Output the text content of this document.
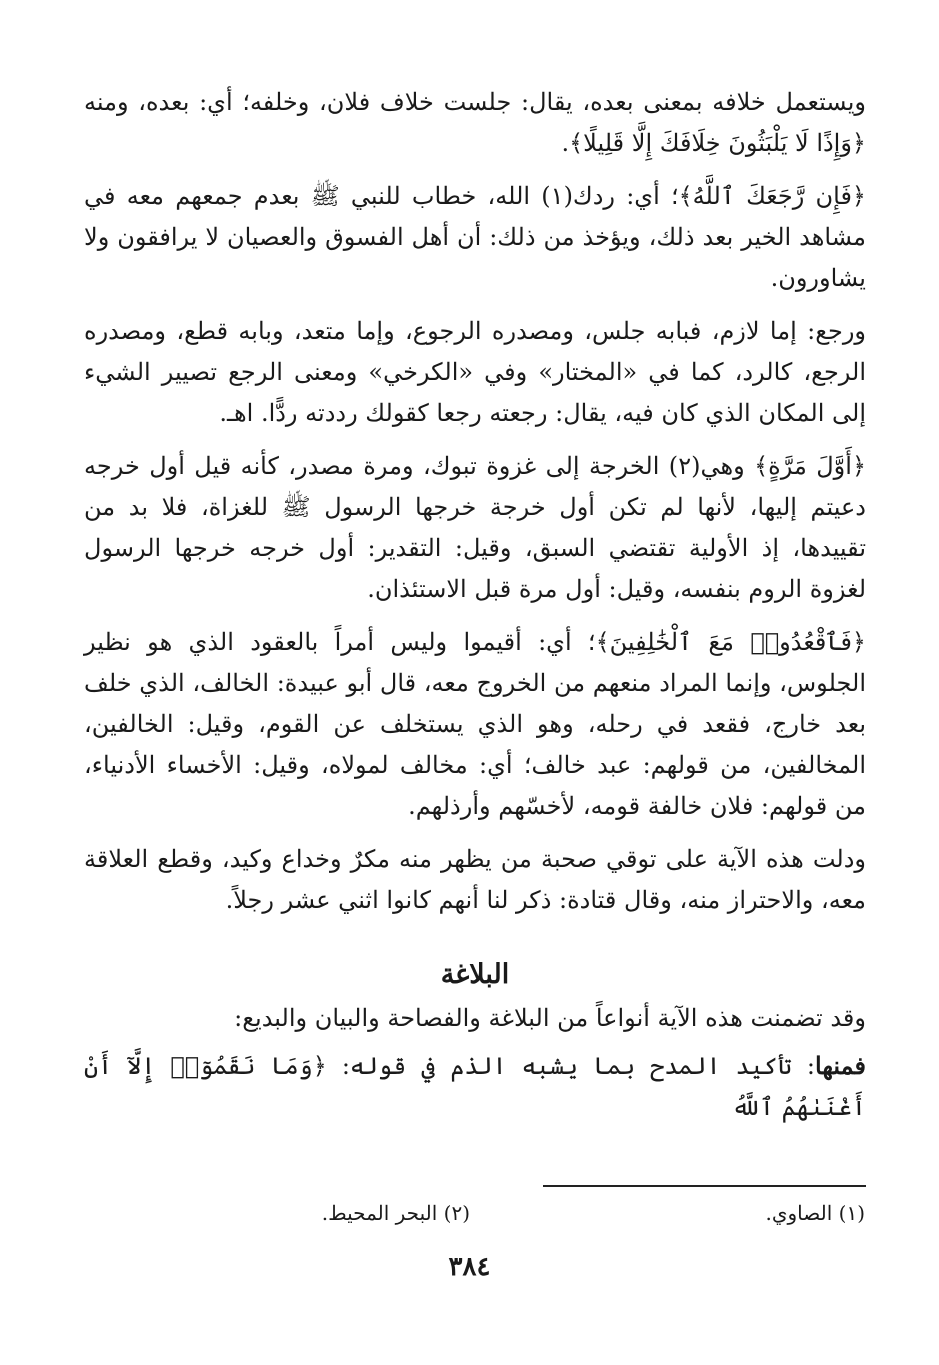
ويستعمل خلافه بمعنى بعده، يقال: جلست خلاف فلان، وخلفه؛ أي: بعده، ومنه ﴿وَإِذًا لَا يَلْبَثُونَ خِلَافَكَ إِلَّا قَلِيلًا﴾.

﴿فَإِن رَّجَعَكَ ٱللَّهُ﴾؛ أي: ردك(١) الله، خطاب للنبي ﷺ بعدم جمعهم معه في مشاهد الخير بعد ذلك، ويؤخذ من ذلك: أن أهل الفسوق والعصيان لا يرافقون ولا يشاورون.

ورجع: إما لازم، فبابه جلس، ومصدره الرجوع، وإما متعد، وبابه قطع، ومصدره الرجع، كالرد، كما في «المختار» وفي «الكرخي» ومعنى الرجع تصيير الشيء إلى المكان الذي كان فيه، يقال: رجعته رجعا كقولك رددته ردًّا. اهـ.

﴿أَوَّلَ مَرَّةٍ﴾ وهي(٢) الخرجة إلى غزوة تبوك، ومرة مصدر، كأنه قيل أول خرجه دعيتم إليها، لأنها لم تكن أول خرجة خرجها الرسول ﷺ للغزاة، فلا بد من تقييدها، إذ الأولية تقتضي السبق، وقيل: التقدير: أول خرجه خرجها الرسول لغزوة الروم بنفسه، وقيل: أول مرة قبل الاستئذان.

﴿فَٱقْعُدُوا۟ مَعَ ٱلْخَٰلِفِينَ﴾؛ أي: أقيموا وليس أمراً بالعقود الذي هو نظير الجلوس، وإنما المراد منعهم من الخروج معه، قال أبو عبيدة: الخالف، الذي خلف بعد خارج، فقعد في رحله، وهو الذي يستخلف عن القوم، وقيل: الخالفين، المخالفين، من قولهم: عبد خالف؛ أي: مخالف لمولاه، وقيل: الأخساء الأدنياء، من قولهم: فلان خالفة قومه، لأخسّهم وأرذلهم.

ودلت هذه الآية على توقي صحبة من يظهر منه مكرٌ وخداع وكيد، وقطع العلاقة معه، والاحتراز منه، وقال قتادة: ذكر لنا أنهم كانوا اثني عشر رجلاً.

البلاغة

وقد تضمنت هذه الآية أنواعاً من البلاغة والفصاحة والبيان والبديع:

فمنها: تأكيد المدح بما يشبه الذم في قوله: ﴿وَمَا نَقَمُوٓا۟ إِلَّآ أَنْ أَغْنَىٰهُمُ ٱللَّهُ

(١) الصاوي.
(٢) البحر المحيط.
٣٨٤
